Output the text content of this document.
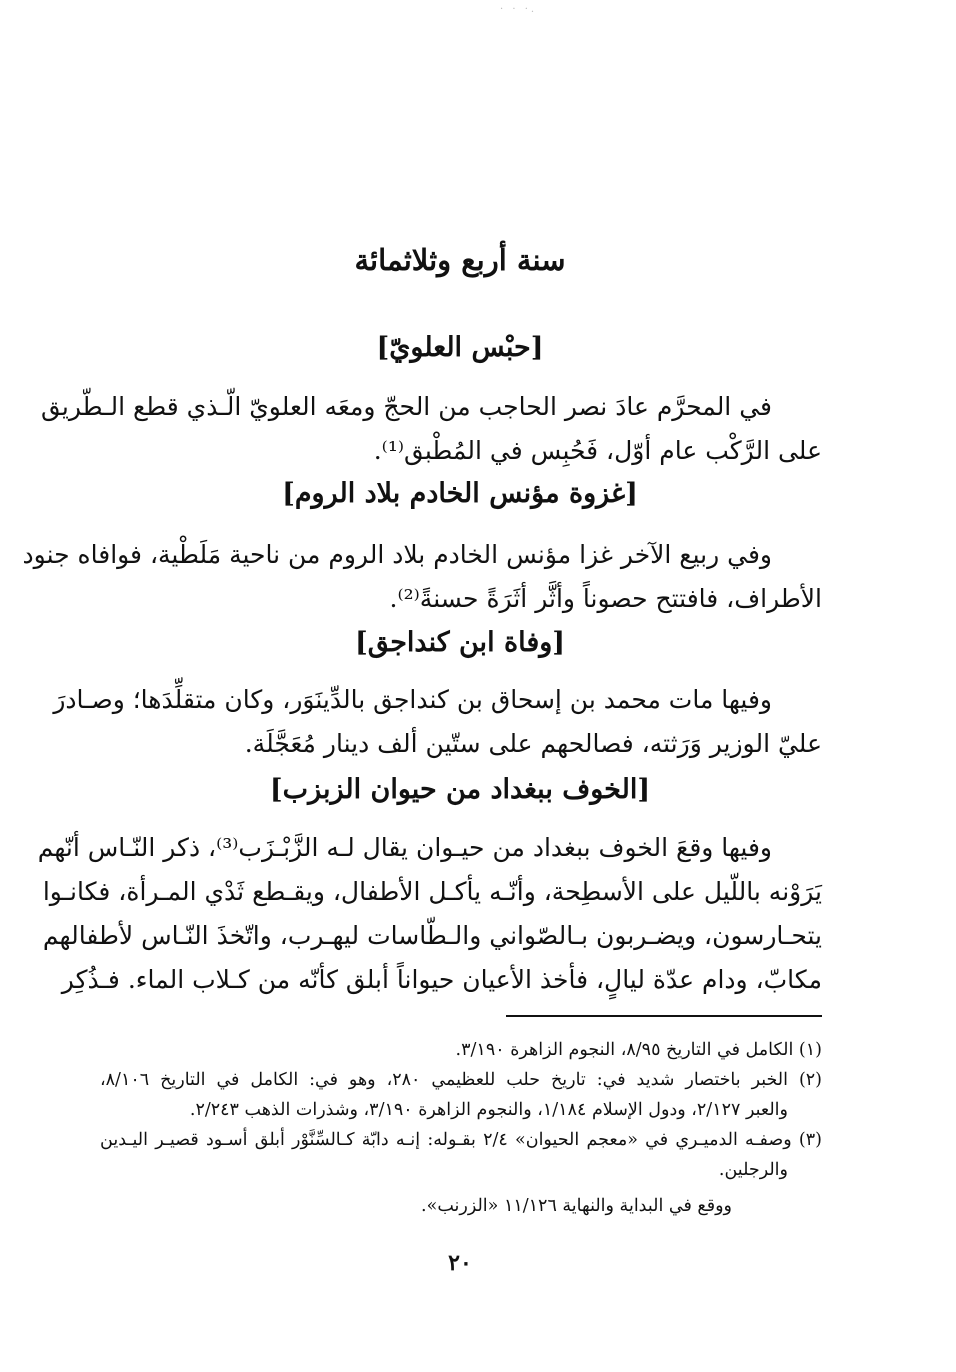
· · ·.
سنة أربع وثلاثمائة
[حبْس العلويّ]
في المحرَّم عادَ نصر الحاجب من الحجّ ومعَه العلويّ الّـذي قطع الـطّريق
على الرَّكْب عام أوّل، فَحُبِس في المُطْبق⁽¹⁾.
[غزوة مؤنس الخادم بلاد الروم]
وفي ربيع الآخر غزا مؤنس الخادم بلاد الروم من ناحية مَلَطْية، فوافاه جنود
الأطراف، فافتتح حصوناً وأثَّر أثَرَةً حسنةً⁽²⁾.
[وفاة ابن كنداجق]
وفيها مات محمد بن إسحاق بن كنداجق بالدِّينَوَر، وكان متقلِّدَها؛ وصـادرَ
عليّ الوزير وَرَثته، فصالحهم على ستّين ألف دينار مُعَجَّلَة.
[الخوف ببغداد من حيوان الزبزب]
وفيها وقعَ الخوف ببغداد من حيـوان يقال لـه الزَّبْـزَب⁽³⁾، ذكر النّـاس أنّهم
يَرَوْنه باللّيل على الأسطِحة، وأنّـه يأكـل الأطفال، ويقـطع ثَدْي المـرأة، فكانـوا
يتحـارسون، ويضـربون بـالصّواني والـطّاسات ليهـرب، واتّخذَ النّـاس لأطفالهم
مكابّ، ودام عدّة ليالٍ، فأخذ الأعيان حيواناً أبلق كأنّه من كـلاب الماء. فـذُكِر
(١) الكامل في التاريخ ٨/٩٥، النجوم الزاهرة ٣/١٩٠.
(٢) الخبر باختصار شديد في: تاريخ حلب للعظيمي ٢٨٠، وهو في: الكامل في التاريخ ٨/١٠٦،
والعبر ٢/١٢٧، ودول الإسلام ١/١٨٤، والنجوم الزاهرة ٣/١٩٠، وشذرات الذهب ٢/٢٤٣.
(٣) وصفـه الدميـري في «معجم الحيوان» ٢/٤ بقـوله: إنـه دابّة كـالسِّنَّوْر أبلق أسـود قصيـر اليـدين
والرجلين.
ووقع في البداية والنهاية ١١/١٢٦ «الزرنب».
٢٠
